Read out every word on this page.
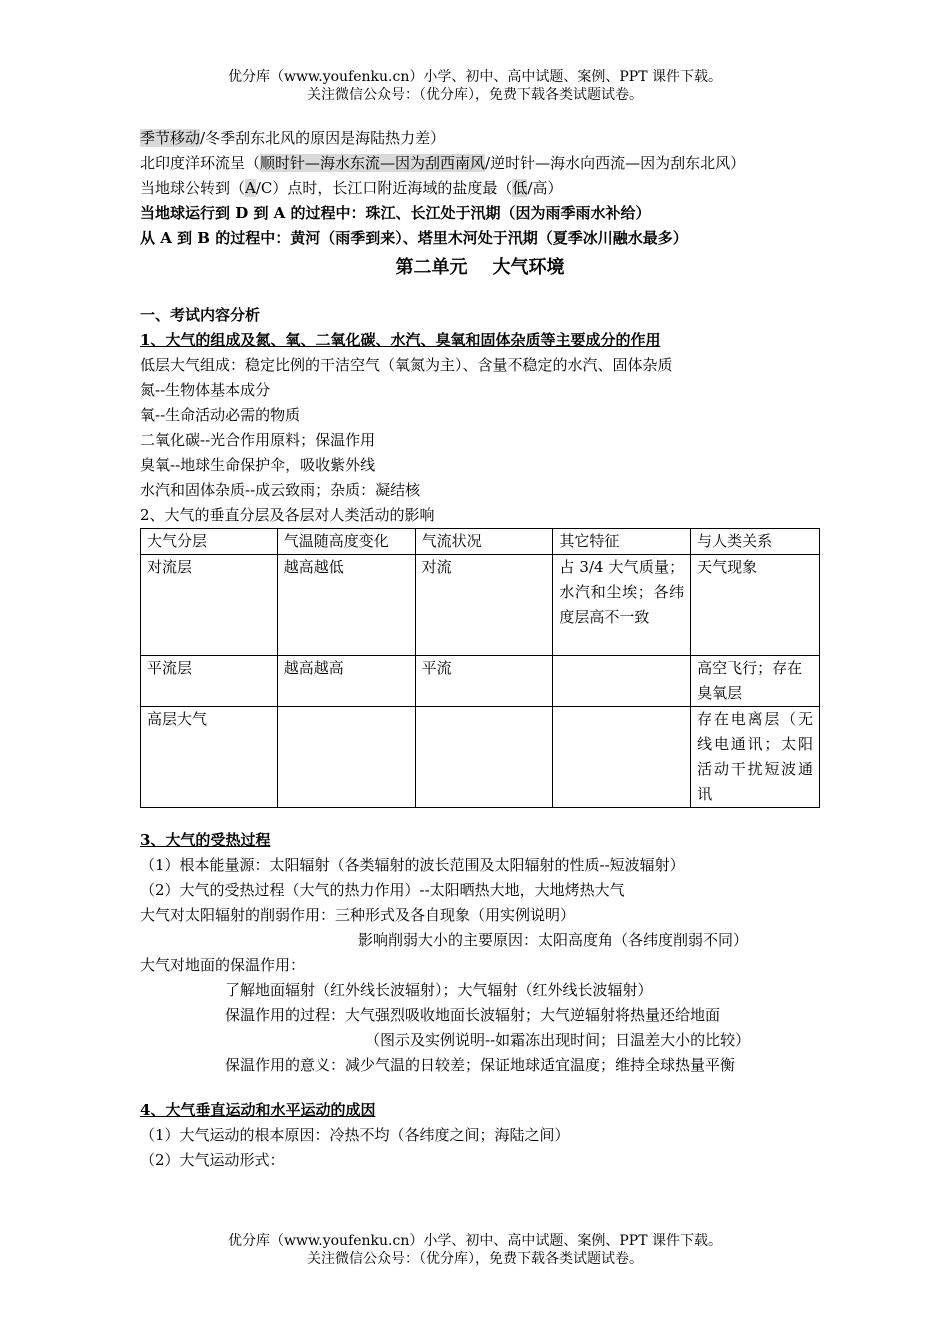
优分库（www.youfenku.cn）小学、初中、高中试题、案例、PPT 课件下载。
关注微信公众号：（优分库），免费下载各类试题试卷。
季节移动/冬季刮东北风的原因是海陆热力差）
北印度洋环流呈（顺时针—海水东流—因为刮西南风/逆时针—海水向西流—因为刮东北风）
当地球公转到（A/C）点时，长江口附近海域的盐度最（低/高）
当地球运行到 D 到 A 的过程中：珠江、长江处于汛期（因为雨季雨水补给）
从 A 到 B 的过程中：黄河（雨季到来）、塔里木河处于汛期（夏季冰川融水最多）
第二单元    大气环境
一、考试内容分析
1、大气的组成及氮、氧、二氧化碳、水汽、臭氧和固体杂质等主要成分的作用
低层大气组成：稳定比例的干洁空气（氧氮为主）、含量不稳定的水汽、固体杂质
氮--生物体基本成分
氧--生命活动必需的物质
二氧化碳--光合作用原料；保温作用
臭氧--地球生命保护伞，吸收紫外线
水汽和固体杂质--成云致雨；杂质：凝结核
2、大气的垂直分层及各层对人类活动的影响
大气分层	气温随高度变化	气流状况	其它特征	与人类关系
对流层	越高越低	对流	占 3/4 大气质量；水汽和尘埃；各纬度层高不一致	天气现象
平流层	越高越高	平流		高空飞行；存在臭氧层
高层大气				存在电离层（无线电通讯；太阳活动干扰短波通讯
3、大气的受热过程
（1）根本能量源：太阳辐射（各类辐射的波长范围及太阳辐射的性质--短波辐射）
（2）大气的受热过程（大气的热力作用）--太阳晒热大地，大地烤热大气
大气对太阳辐射的削弱作用：三种形式及各自现象（用实例说明）
影响削弱大小的主要原因：太阳高度角（各纬度削弱不同）
大气对地面的保温作用：
了解地面辐射（红外线长波辐射）；大气辐射（红外线长波辐射）
保温作用的过程：大气强烈吸收地面长波辐射；大气逆辐射将热量还给地面
（图示及实例说明--如霜冻出现时间；日温差大小的比较）
保温作用的意义：减少气温的日较差；保证地球适宜温度；维持全球热量平衡
4、大气垂直运动和水平运动的成因
（1）大气运动的根本原因：冷热不均（各纬度之间；海陆之间）
（2）大气运动形式：
优分库（www.youfenku.cn）小学、初中、高中试题、案例、PPT 课件下载。
关注微信公众号：（优分库），免费下载各类试题试卷。
